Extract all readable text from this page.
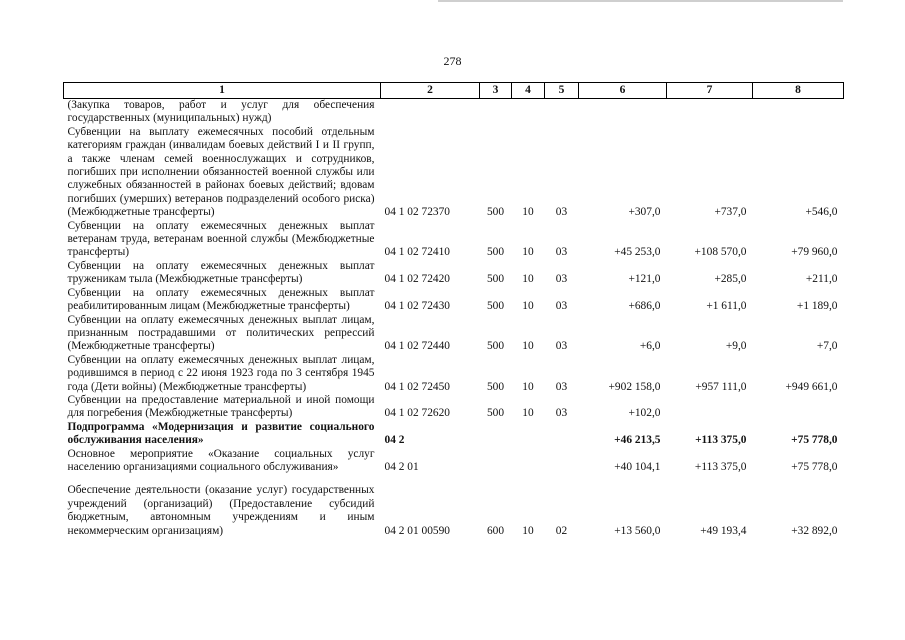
278
1	2	3	4	5	6	7	8
(Закупка товаров, работ и услуг для обеспечения государственных (муниципальных) нужд)							
Субвенции на выплату ежемесячных пособий отдельным категориям граждан (инвалидам боевых действий I и II групп, а также членам семей военнослужащих и сотрудников, погибших при исполнении обязанностей военной службы или служебных обязанностей в районах боевых действий; вдовам погибших (умерших) ветеранов подразделений особого риска) (Межбюджетные трансферты)	04 1 02 72370	500	10	03	+307,0	+737,0	+546,0
Субвенции на оплату ежемесячных денежных выплат ветеранам труда, ветеранам военной службы (Межбюджетные трансферты)	04 1 02 72410	500	10	03	+45 253,0	+108 570,0	+79 960,0
Субвенции на оплату ежемесячных денежных выплат труженикам тыла (Межбюджетные трансферты)	04 1 02 72420	500	10	03	+121,0	+285,0	+211,0
Субвенции на оплату ежемесячных денежных выплат реабилитированным лицам (Межбюджетные трансферты)	04 1 02 72430	500	10	03	+686,0	+1 611,0	+1 189,0
Субвенции на оплату ежемесячных денежных выплат лицам, признанным пострадавшими от политических репрессий (Межбюджетные трансферты)	04 1 02 72440	500	10	03	+6,0	+9,0	+7,0
Субвенции на оплату ежемесячных денежных выплат лицам, родившимся в период с 22 июня 1923 года по 3 сентября 1945 года (Дети войны) (Межбюджетные трансферты)	04 1 02 72450	500	10	03	+902 158,0	+957 111,0	+949 661,0
Субвенции на предоставление материальной и иной помощи для погребения (Межбюджетные трансферты)	04 1 02 72620	500	10	03	+102,0		
Подпрограмма «Модернизация и развитие социального обслуживания населения»	04 2				+46 213,5	+113 375,0	+75 778,0
Основное мероприятие «Оказание социальных услуг населению организациями социального обслуживания»	04 2 01				+40 104,1	+113 375,0	+75 778,0
Обеспечение деятельности (оказание услуг) государственных учреждений (организаций) (Предоставление субсидий бюджетным, автономным учреждениям и иным некоммерческим организациям)	04 2 01 00590	600	10	02	+13 560,0	+49 193,4	+32 892,0
